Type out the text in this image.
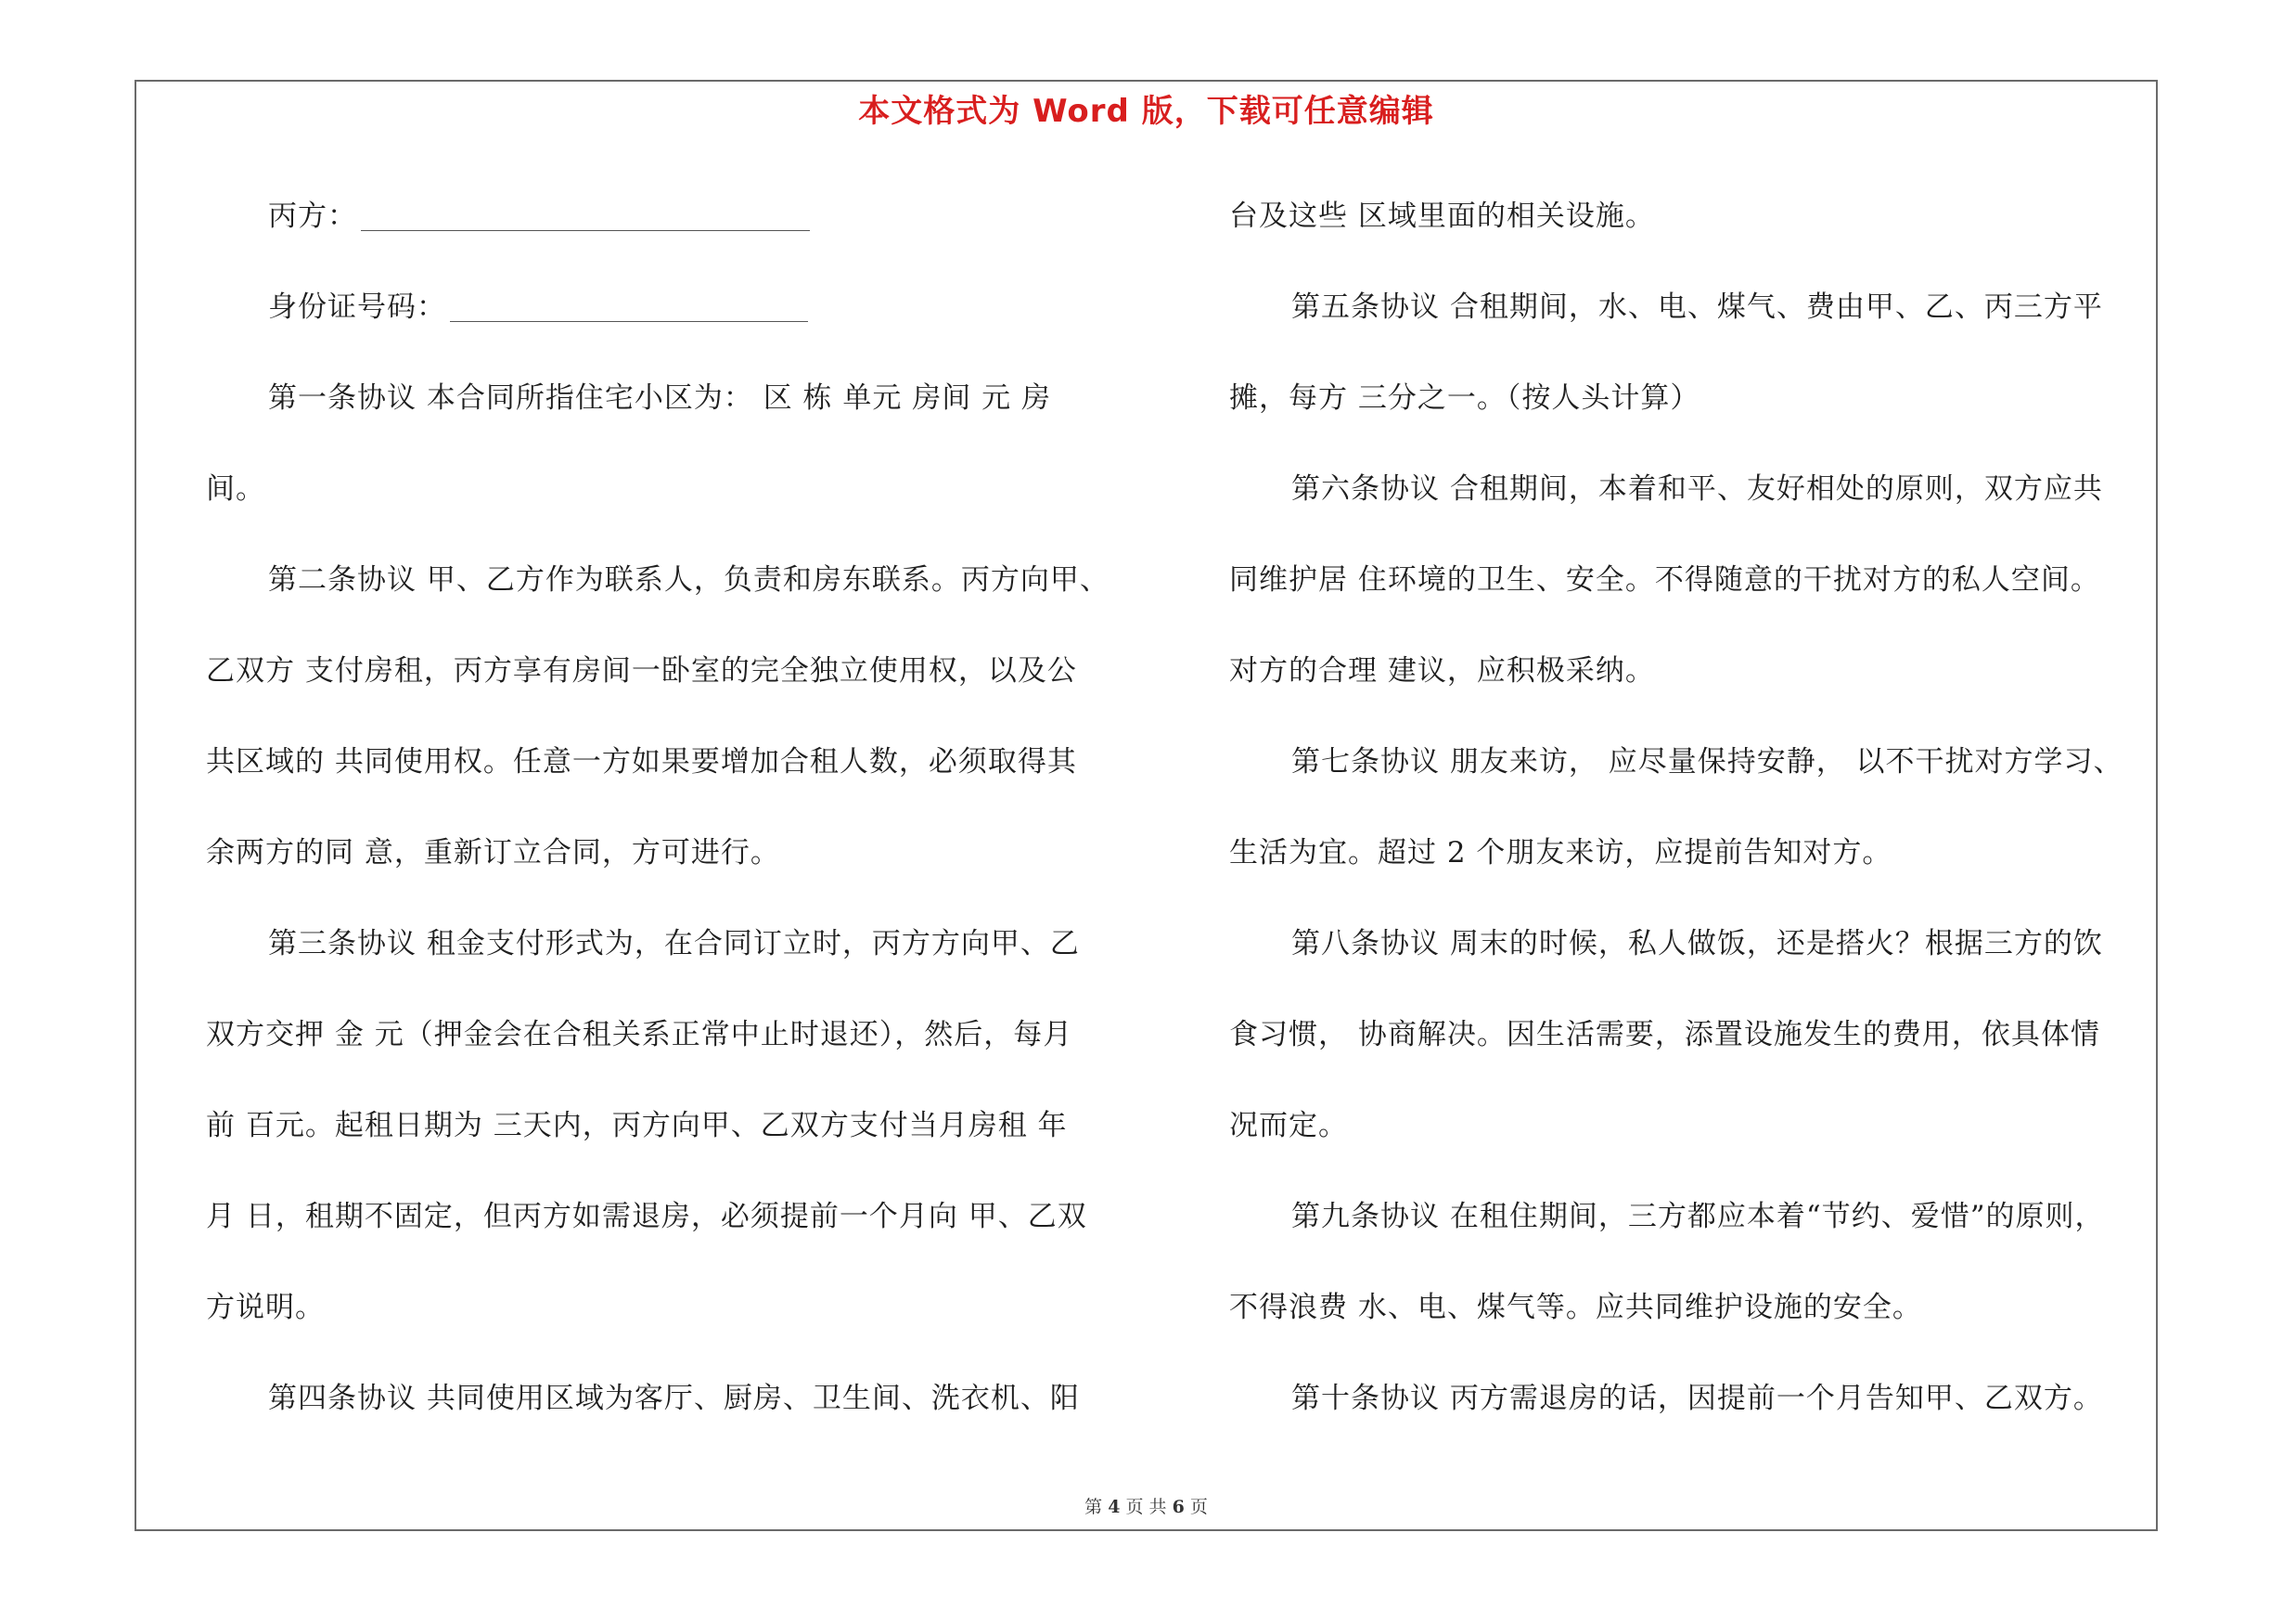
本文格式为 Word 版，下载可任意编辑
丙方：
身份证号码：
第一条协议 本合同所指住宅小区为： 区 栋 单元 房间 元 房
间。
第二条协议 甲、乙方作为联系人，负责和房东联系。丙方向甲、
乙双方 支付房租，丙方享有房间一卧室的完全独立使用权，以及公
共区域的 共同使用权。任意一方如果要增加合租人数，必须取得其
余两方的同 意，重新订立合同，方可进行。
第三条协议 租金支付形式为，在合同订立时，丙方方向甲、乙
双方交押 金 元（押金会在合租关系正常中止时退还），然后，每月
前 百元。起租日期为 三天内，丙方向甲、乙双方支付当月房租 年
月 日，租期不固定，但丙方如需退房，必须提前一个月向 甲、乙双
方说明。
第四条协议 共同使用区域为客厅、厨房、卫生间、洗衣机、阳
台及这些 区域里面的相关设施。
第五条协议 合租期间，水、电、煤气、费由甲、乙、丙三方平
摊，每方 三分之一。（按人头计算）
第六条协议 合租期间，本着和平、友好相处的原则，双方应共
同维护居 住环境的卫生、安全。不得随意的干扰对方的私人空间。
对方的合理 建议，应积极采纳。
第七条协议 朋友来访， 应尽量保持安静， 以不干扰对方学习、
生活为宜。超过 2 个朋友来访，应提前告知对方。
第八条协议 周末的时候，私人做饭，还是搭火？根据三方的饮
食习惯， 协商解决。因生活需要，添置设施发生的费用，依具体情
况而定。
第九条协议 在租住期间，三方都应本着“节约、爱惜”的原则，
不得浪费 水、电、煤气等。应共同维护设施的安全。
第十条协议 丙方需退房的话，因提前一个月告知甲、乙双方。
第 4 页 共 6 页
